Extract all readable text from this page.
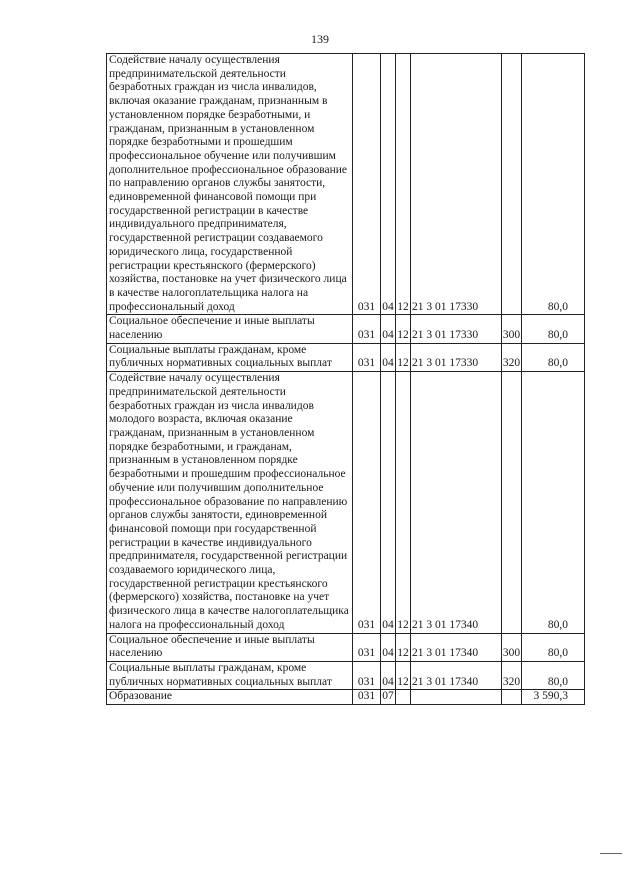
139
Содействие началу осуществления предпринимательской деятельности безработных граждан из числа инвалидов, включая оказание гражданам, признанным в установленном порядке безработными, и гражданам, признанным в установленном порядке безработными и прошедшим профессиональное обучение или получившим дополнительное профессиональное образование по направлению органов службы занятости, единовременной финансовой помощи при государственной регистрации в качестве индивидуального предпринимателя, государственной регистрации создаваемого юридического лица, государственной регистрации крестьянского (фермерского) хозяйства, постановке на учет физического лица в качестве налогоплательщика налога на профессиональный доход	031	04	12	21 3 01 17330		80,0

Социальное обеспечение и иные выплаты населению	031	04	12	21 3 01 17330	300	80,0

Социальные выплаты гражданам, кроме публичных нормативных социальных выплат	031	04	12	21 3 01 17330	320	80,0

Содействие началу осуществления предпринимательской деятельности безработных граждан из числа инвалидов молодого возраста, включая оказание гражданам, признанным в установленном порядке безработными, и гражданам, признанным в установленном порядке безработными и прошедшим профессиональное обучение или получившим дополнительное профессиональное образование по направлению органов службы занятости, единовременной финансовой помощи при государственной регистрации в качестве индивидуального предпринимателя, государственной регистрации создаваемого юридического лица, государственной регистрации крестьянского (фермерского) хозяйства, постановке на учет физического лица в качестве налогоплательщика налога на профессиональный доход	031	04	12	21 3 01 17340		80,0

Социальное обеспечение и иные выплаты населению	031	04	12	21 3 01 17340	300	80,0

Социальные выплаты гражданам, кроме публичных нормативных социальных выплат	031	04	12	21 3 01 17340	320	80,0

Образование	031	07				3 590,3
